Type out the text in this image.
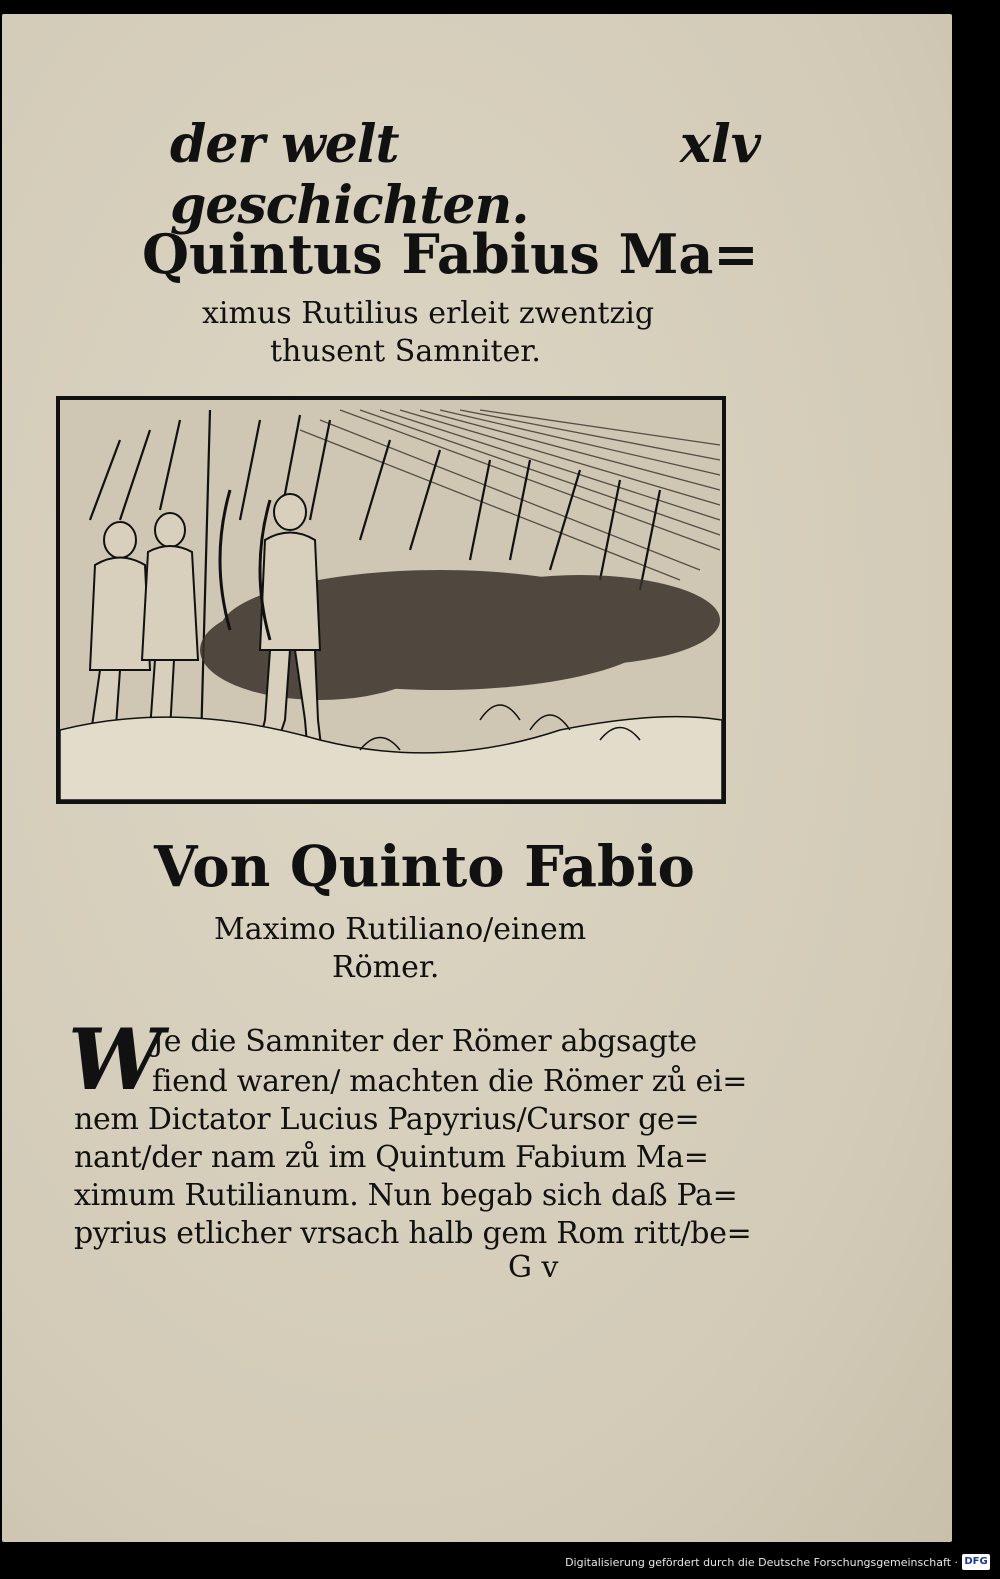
der welt geschichten.
xlv
Quintus Fabius Ma=
ximus Rutilius erleit zwentzig
thusent Samniter.
Von Quinto Fabio
Maximo Rutiliano/einem
Römer.
W
Je die Samniter der Römer abgsagte
fiend waren/ machten die Römer zů ei=
nem Dictator Lucius Papyrius/Cursor ge=
nant/der nam zů im Quintum Fabium Ma=
ximum Rutilianum. Nun begab sich daß Pa=
pyrius etlicher vrsach halb gem Rom ritt/be=
G v
Digitalisierung gefördert durch die Deutsche Forschungsgemeinschaft · DFG
